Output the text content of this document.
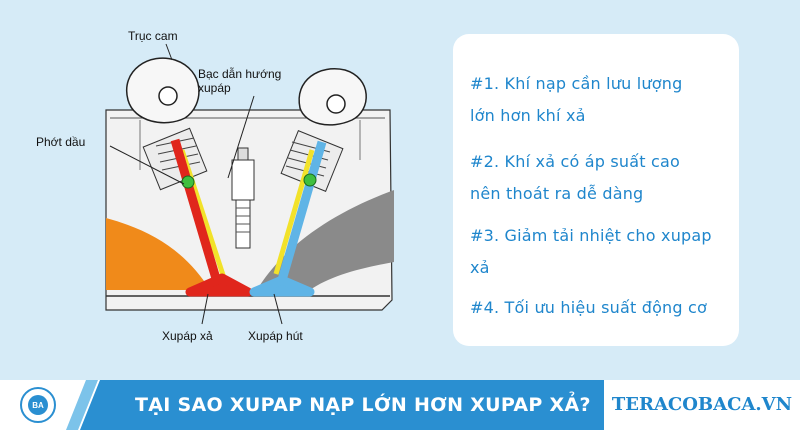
Trục cam
Bạc dẫn hướng
xupáp
Phớt dầu
Xupáp xả	Xupáp hút
#1. Khí nạp cần lưu lượng
lớn hơn khí xả
#2. Khí xả có áp suất cao
nên thoát ra dễ dàng
#3. Giảm tải nhiệt cho xupap
xả
#4. Tối ưu hiệu suất động cơ
BA	TẠI SAO XUPAP NẠP LỚN HƠN XUPAP XẢ?	TERACOBACA.VN
